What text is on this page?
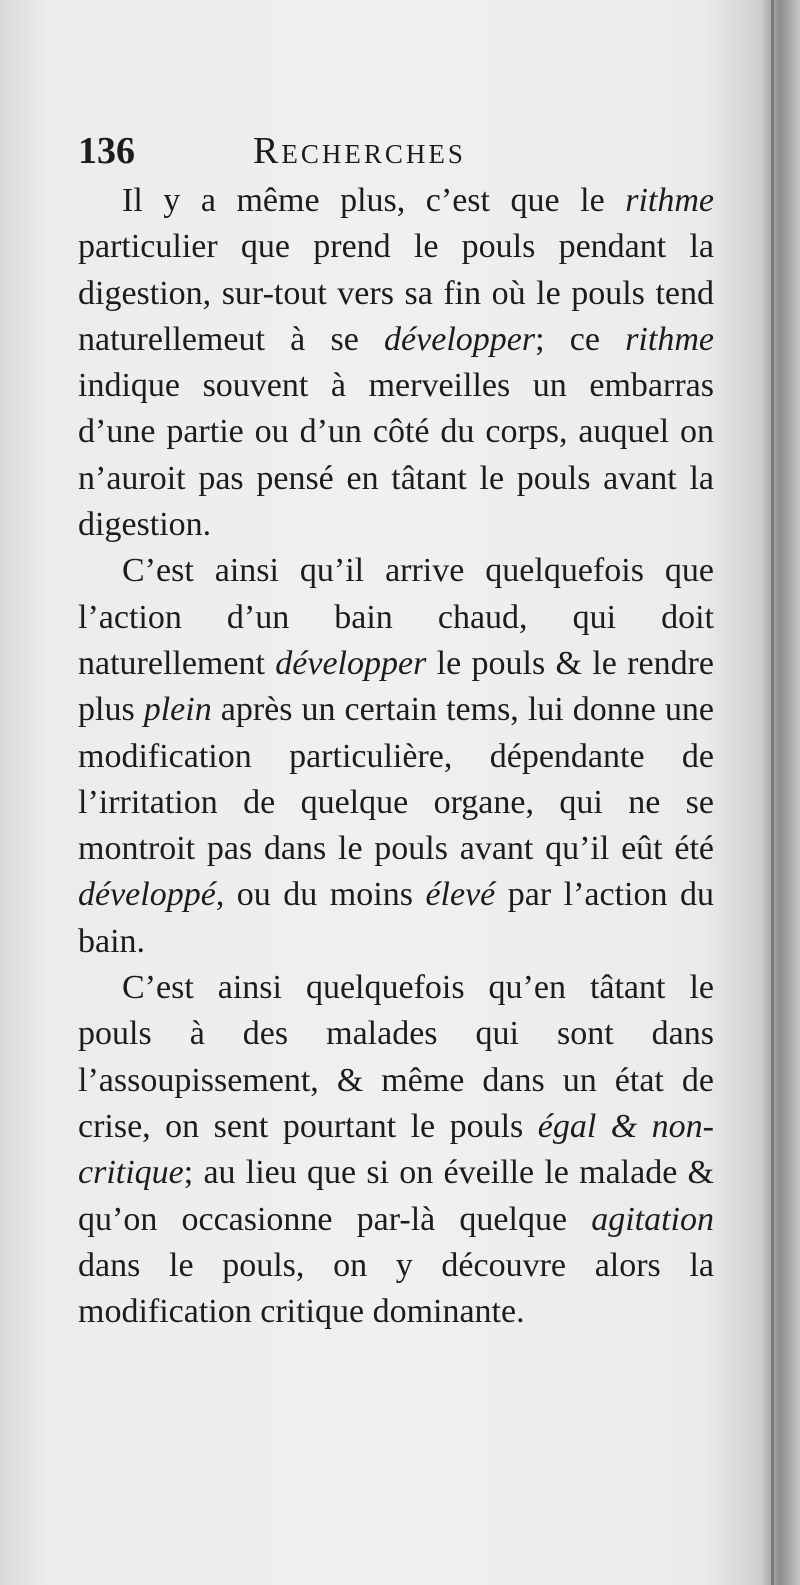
136	Recherches

Il y a même plus, c’est que le rithme particulier que prend le pouls pendant la digestion, sur-tout vers sa fin où le pouls tend naturellemeut à se développer; ce rithme indique souvent à merveilles un embarras d’une partie ou d’un côté du corps, auquel on n’auroit pas pensé en tâtant le pouls avant la digestion.

C’est ainsi qu’il arrive quelquefois que l’action d’un bain chaud, qui doit naturellement développer le pouls & le rendre plus plein après un certain tems, lui donne une modification particulière, dépendante de l’irritation de quelque organe, qui ne se montroit pas dans le pouls avant qu’il eût été développé, ou du moins élevé par l’action du bain.

C’est ainsi quelquefois qu’en tâtant le pouls à des malades qui sont dans l’assoupissement, & même dans un état de crise, on sent pourtant le pouls égal & non-critique; au lieu que si on éveille le malade & qu’on occasionne par-là quelque agitation dans le pouls, on y découvre alors la modification critique dominante.
